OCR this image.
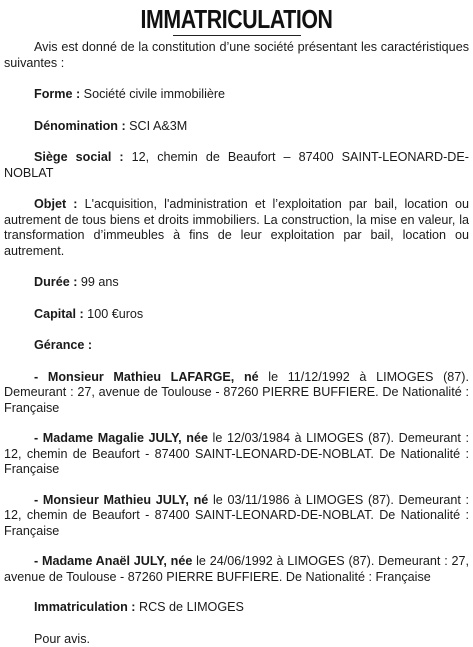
IMMATRICULATION

Avis est donné de la constitution d’une société présentant les caractéristiques suivantes :

Forme : Société civile immobilière

Dénomination : SCI A&3M

Siège social : 12, chemin de Beaufort – 87400 SAINT-LEONARD-DE-NOBLAT

Objet : L'acquisition, l'administration et l’exploitation par bail, location ou autrement de tous biens et droits immobiliers. La construction, la mise en valeur, la transformation d’immeubles à fins de leur exploitation par bail, location ou autrement.

Durée : 99 ans

Capital : 100 €uros

Gérance :

- Monsieur Mathieu LAFARGE, né le 11/12/1992 à LIMOGES (87). Demeurant : 27, avenue de Toulouse - 87260 PIERRE BUFFIERE. De Nationalité : Française

- Madame Magalie JULY, née le 12/03/1984 à LIMOGES (87). Demeurant : 12, chemin de Beaufort - 87400 SAINT-LEONARD-DE-NOBLAT. De Nationalité : Française

- Monsieur Mathieu JULY, né le 03/11/1986 à LIMOGES (87). Demeurant : 12, chemin de Beaufort - 87400 SAINT-LEONARD-DE-NOBLAT. De Nationalité : Française

- Madame Anaël JULY, née le 24/06/1992 à LIMOGES (87). Demeurant : 27, avenue de Toulouse - 87260 PIERRE BUFFIERE. De Nationalité : Française

Immatriculation : RCS de LIMOGES

Pour avis.
